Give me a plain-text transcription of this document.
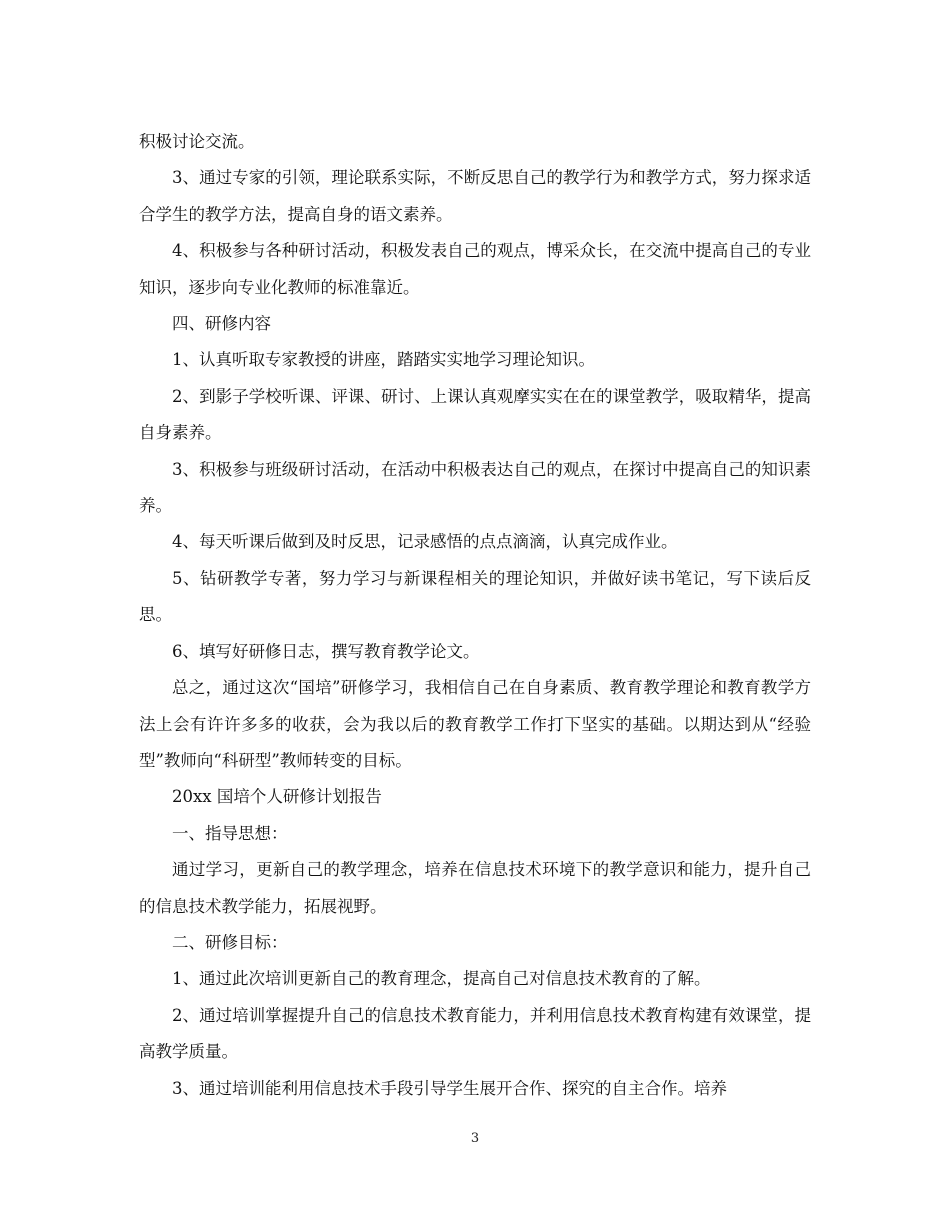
积极讨论交流。

3、通过专家的引领，理论联系实际，不断反思自己的教学行为和教学方式，努力探求适合学生的教学方法，提高自身的语文素养。

4、积极参与各种研讨活动，积极发表自己的观点，博采众长，在交流中提高自己的专业知识，逐步向专业化教师的标准靠近。

四、研修内容

1、认真听取专家教授的讲座，踏踏实实地学习理论知识。

2、到影子学校听课、评课、研讨、上课认真观摩实实在在的课堂教学，吸取精华，提高自身素养。

3、积极参与班级研讨活动，在活动中积极表达自己的观点，在探讨中提高自己的知识素养。

4、每天听课后做到及时反思，记录感悟的点点滴滴，认真完成作业。

5、钻研教学专著，努力学习与新课程相关的理论知识，并做好读书笔记，写下读后反思。

6、填写好研修日志，撰写教育教学论文。

总之，通过这次“国培”研修学习，我相信自己在自身素质、教育教学理论和教育教学方法上会有许许多多的收获，会为我以后的教育教学工作打下坚实的基础。以期达到从“经验型”教师向“科研型”教师转变的目标。

20xx 国培个人研修计划报告

一、指导思想：

通过学习，更新自己的教学理念，培养在信息技术环境下的教学意识和能力，提升自己的信息技术教学能力，拓展视野。

二、研修目标：

1、通过此次培训更新自己的教育理念，提高自己对信息技术教育的了解。

2、通过培训掌握提升自己的信息技术教育能力，并利用信息技术教育构建有效课堂，提高教学质量。

3、通过培训能利用信息技术手段引导学生展开合作、探究的自主合作。培养

3
